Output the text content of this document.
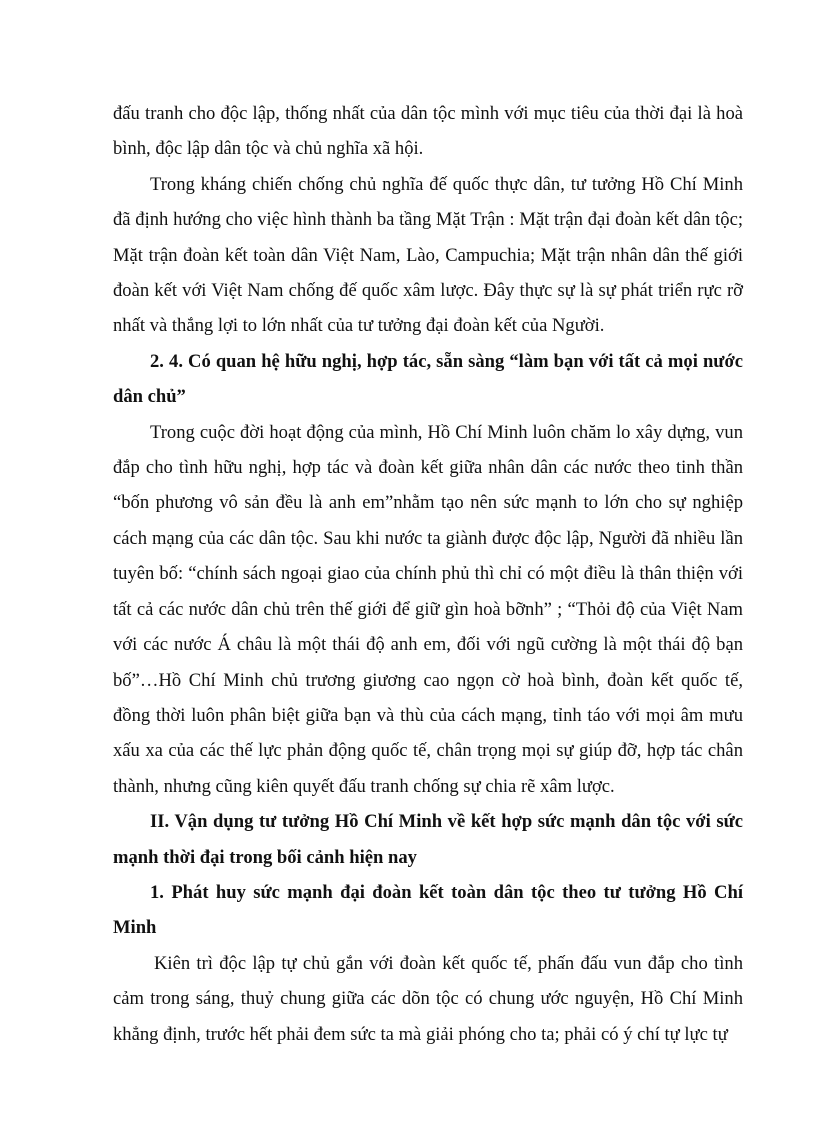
đấu tranh cho độc lập, thống nhất của dân tộc mình với mục tiêu của thời đại là hoà bình, độc lập dân tộc và chủ nghĩa xã hội.

Trong kháng chiến chống chủ nghĩa đế quốc thực dân, tư tưởng Hồ Chí Minh đã định hướng cho việc hình thành ba tầng Mặt Trận : Mặt trận đại đoàn kết dân tộc; Mặt trận đoàn kết toàn dân Việt Nam, Lào, Campuchia; Mặt trận nhân dân thế giới đoàn kết với Việt Nam chống đế quốc xâm lược. Đây thực sự là sự phát triển rực rỡ nhất và thắng lợi to lớn nhất của tư tưởng đại đoàn kết của Người.

2. 4. Có quan hệ hữu nghị, hợp tác, sẵn sàng “làm bạn với tất cả mọi nước dân chủ”

Trong cuộc đời hoạt động của mình, Hồ Chí Minh luôn chăm lo xây dựng, vun đắp cho tình hữu nghị, hợp tác và đoàn kết giữa nhân dân các nước theo tinh thần “bốn phương vô sản đều là anh em”nhằm tạo nên sức mạnh to lớn cho sự nghiệp cách mạng của các dân tộc. Sau khi nước ta giành được độc lập, Người đã nhiều lần tuyên bố: “chính sách ngoại giao của chính phủ thì chỉ có một điều là thân thiện với tất cả các nước dân chủ trên thế giới để giữ gìn hoà bỡnh” ; “Thỏi độ của Việt Nam với các nước Á châu là một thái độ anh em, đối với ngũ cường là một thái độ bạn bố”…Hồ Chí Minh chủ trương giương cao ngọn cờ hoà bình, đoàn kết quốc tế, đồng thời luôn phân biệt giữa bạn và thù của cách mạng, tỉnh táo với mọi âm mưu xấu xa của các thế lực phản động quốc tế, chân trọng mọi sự giúp đỡ, hợp tác chân thành, nhưng cũng kiên quyết đấu tranh chống sự chia rẽ xâm lược.

II. Vận dụng tư tưởng Hồ Chí Minh về kết hợp sức mạnh dân tộc với sức mạnh thời đại trong bối cảnh hiện nay

1. Phát huy sức mạnh đại đoàn kết toàn dân tộc theo tư tưởng Hồ Chí Minh

Kiên trì độc lập tự chủ gắn với đoàn kết quốc tế, phấn đấu vun đắp cho tình cảm trong sáng, thuỷ chung giữa các dõn tộc có chung ước nguyện, Hồ Chí Minh khẳng định, trước hết phải đem sức ta mà giải phóng cho ta; phải có ý chí tự lực tự
